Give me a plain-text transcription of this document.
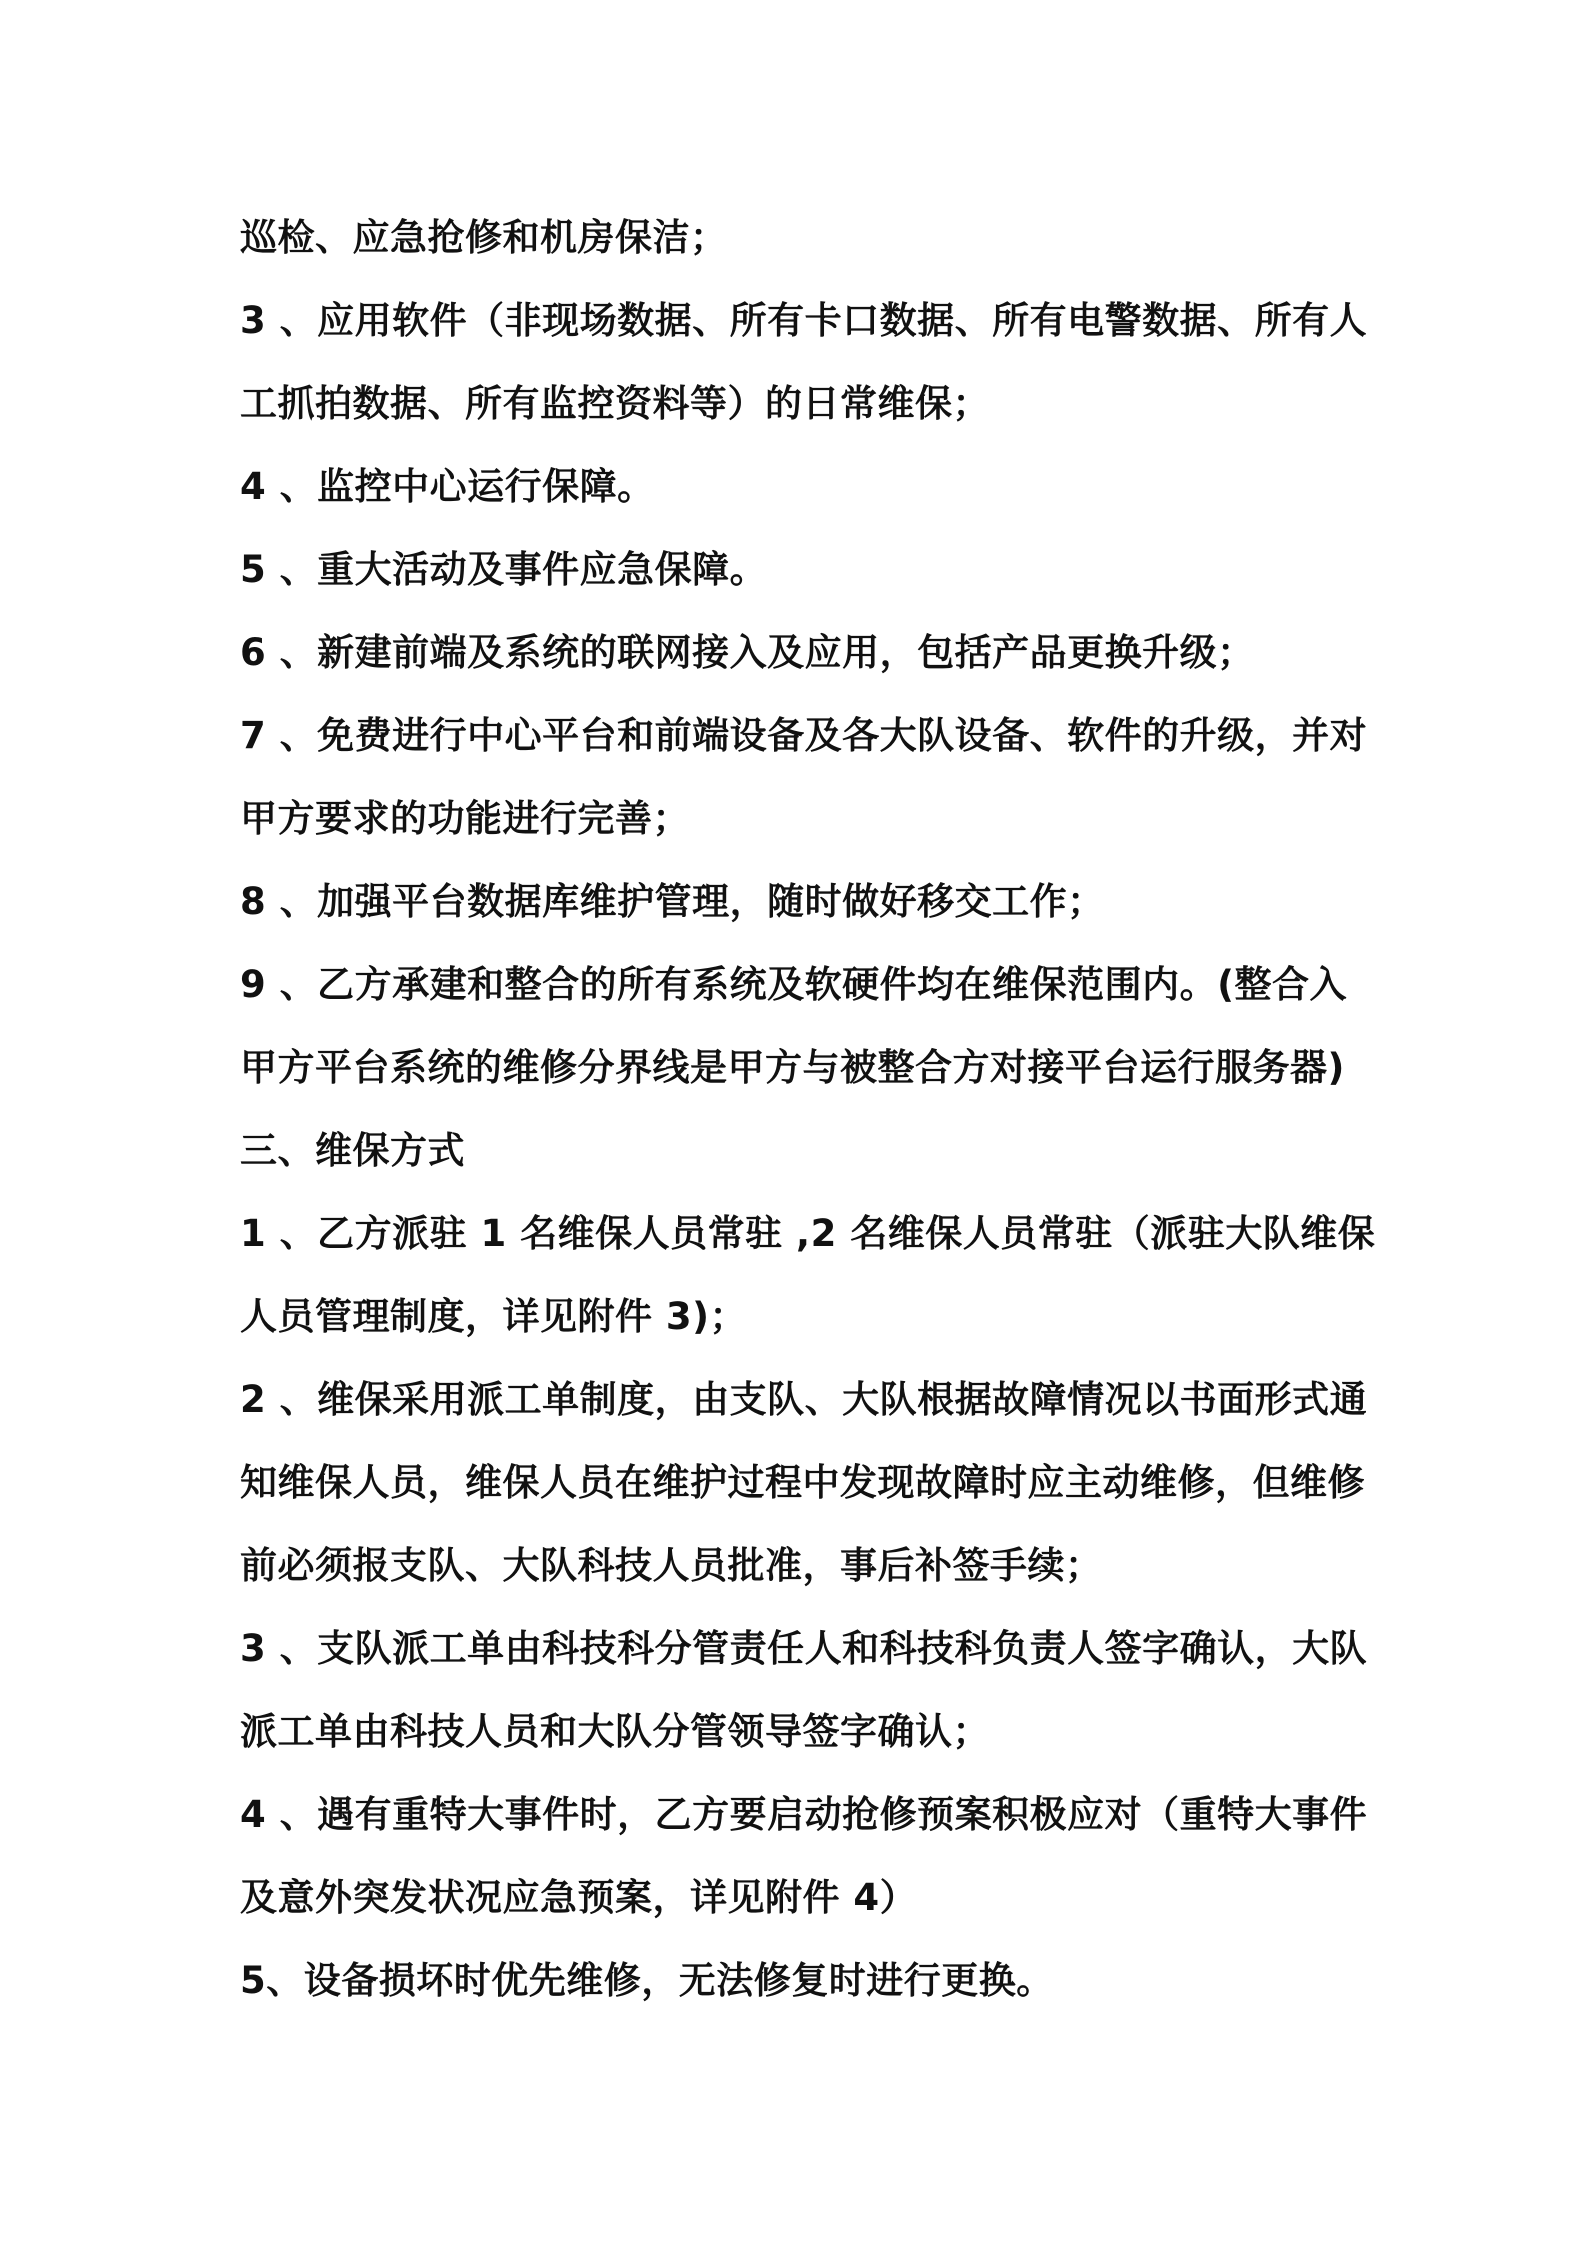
巡检、应急抢修和机房保洁；
3 、应用软件（非现场数据、所有卡口数据、所有电警数据、所有人
工抓拍数据、所有监控资料等）的日常维保；
4 、监控中心运行保障。
5 、重大活动及事件应急保障。
6 、新建前端及系统的联网接入及应用，包括产品更换升级；
7 、免费进行中心平台和前端设备及各大队设备、软件的升级，并对
甲方要求的功能进行完善；
8 、加强平台数据库维护管理，随时做好移交工作；
9 、乙方承建和整合的所有系统及软硬件均在维保范围内。(整合入
甲方平台系统的维修分界线是甲方与被整合方对接平台运行服务器)
三、维保方式
1 、乙方派驻 1 名维保人员常驻 ,2 名维保人员常驻（派驻大队维保
人员管理制度，详见附件 3)；
2 、维保采用派工单制度，由支队、大队根据故障情况以书面形式通
知维保人员，维保人员在维护过程中发现故障时应主动维修，但维修
前必须报支队、大队科技人员批准，事后补签手续；
3 、支队派工单由科技科分管责任人和科技科负责人签字确认，大队
派工单由科技人员和大队分管领导签字确认；
4 、遇有重特大事件时，乙方要启动抢修预案积极应对（重特大事件
及意外突发状况应急预案，详见附件 4）
5、设备损坏时优先维修，无法修复时进行更换。
